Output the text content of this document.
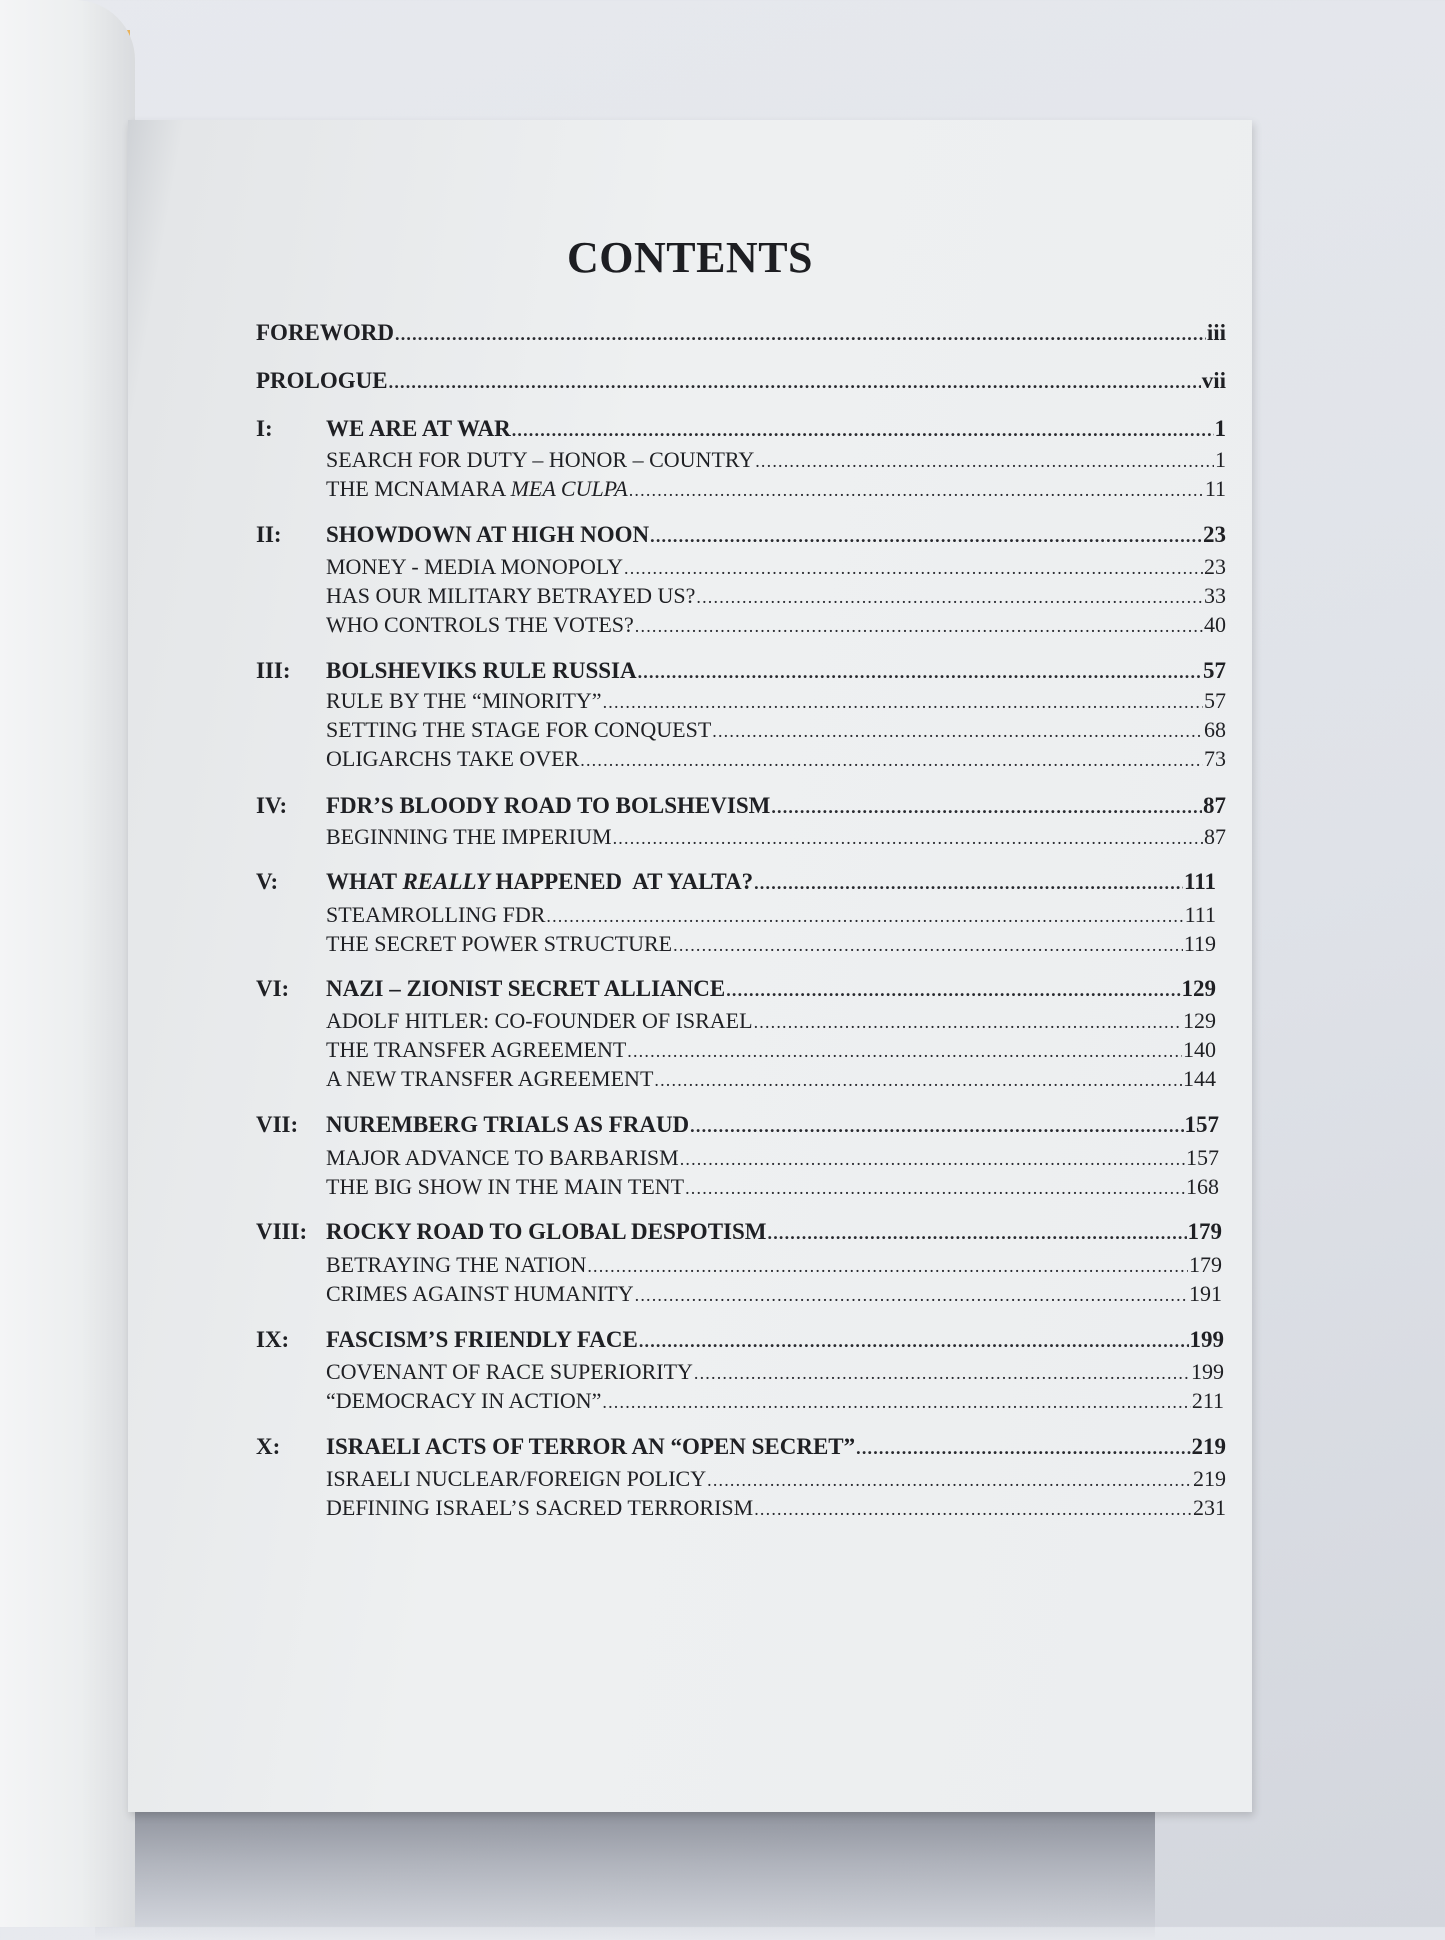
CONTENTS
FOREWORD .....	iii
PROLOGUE .....	vii
I: WE ARE AT WAR .....	1
SEARCH FOR DUTY – HONOR – COUNTRY .....	1
THE MCNAMARA MEA CULPA .....	11
II: SHOWDOWN AT HIGH NOON .....	23
MONEY - MEDIA MONOPOLY .....	23
HAS OUR MILITARY BETRAYED US? .....	33
WHO CONTROLS THE VOTES? .....	40
III: BOLSHEVIKS RULE RUSSIA .....	57
RULE BY THE “MINORITY” .....	57
SETTING THE STAGE FOR CONQUEST .....	68
OLIGARCHS TAKE OVER .....	73
IV: FDR’S BLOODY ROAD TO BOLSHEVISM .....	87
BEGINNING THE IMPERIUM .....	87
V: WHAT REALLY HAPPENED  AT YALTA? .....	111
STEAMROLLING FDR .....	111
THE SECRET POWER STRUCTURE .....	119
VI: NAZI – ZIONIST SECRET ALLIANCE .....	129
ADOLF HITLER: CO-FOUNDER OF ISRAEL .....	129
THE TRANSFER AGREEMENT .....	140
A NEW TRANSFER AGREEMENT .....	144
VII: NUREMBERG TRIALS AS FRAUD .....	157
MAJOR ADVANCE TO BARBARISM .....	157
THE BIG SHOW IN THE MAIN TENT .....	168
VIII: ROCKY ROAD TO GLOBAL DESPOTISM .....	179
BETRAYING THE NATION .....	179
CRIMES AGAINST HUMANITY .....	191
IX: FASCISM’S FRIENDLY FACE .....	199
COVENANT OF RACE SUPERIORITY .....	199
“DEMOCRACY IN ACTION” .....	211
X: ISRAELI ACTS OF TERROR AN “OPEN SECRET” .....	219
ISRAELI NUCLEAR/FOREIGN POLICY .....	219
DEFINING ISRAEL’S SACRED TERRORISM .....	231
